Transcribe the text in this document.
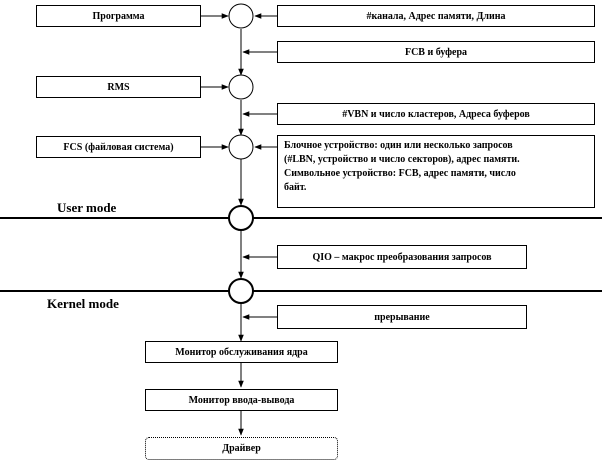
Программа
RMS
FCS (файловая система)
#канала, Адрес памяти, Длина
FCB и буфера
#VBN и число кластеров, Адреса буферов
Блочное устройство: один или несколько запросов
(#LBN, устройство и число секторов), адрес памяти.
Символьное устройство: FCB, адрес памяти, число
байт.
QIO – макрос преобразования запросов
прерывание
User mode
Kernel mode
Монитор обслуживания ядра
Монитор ввода-вывода
Драйвер
